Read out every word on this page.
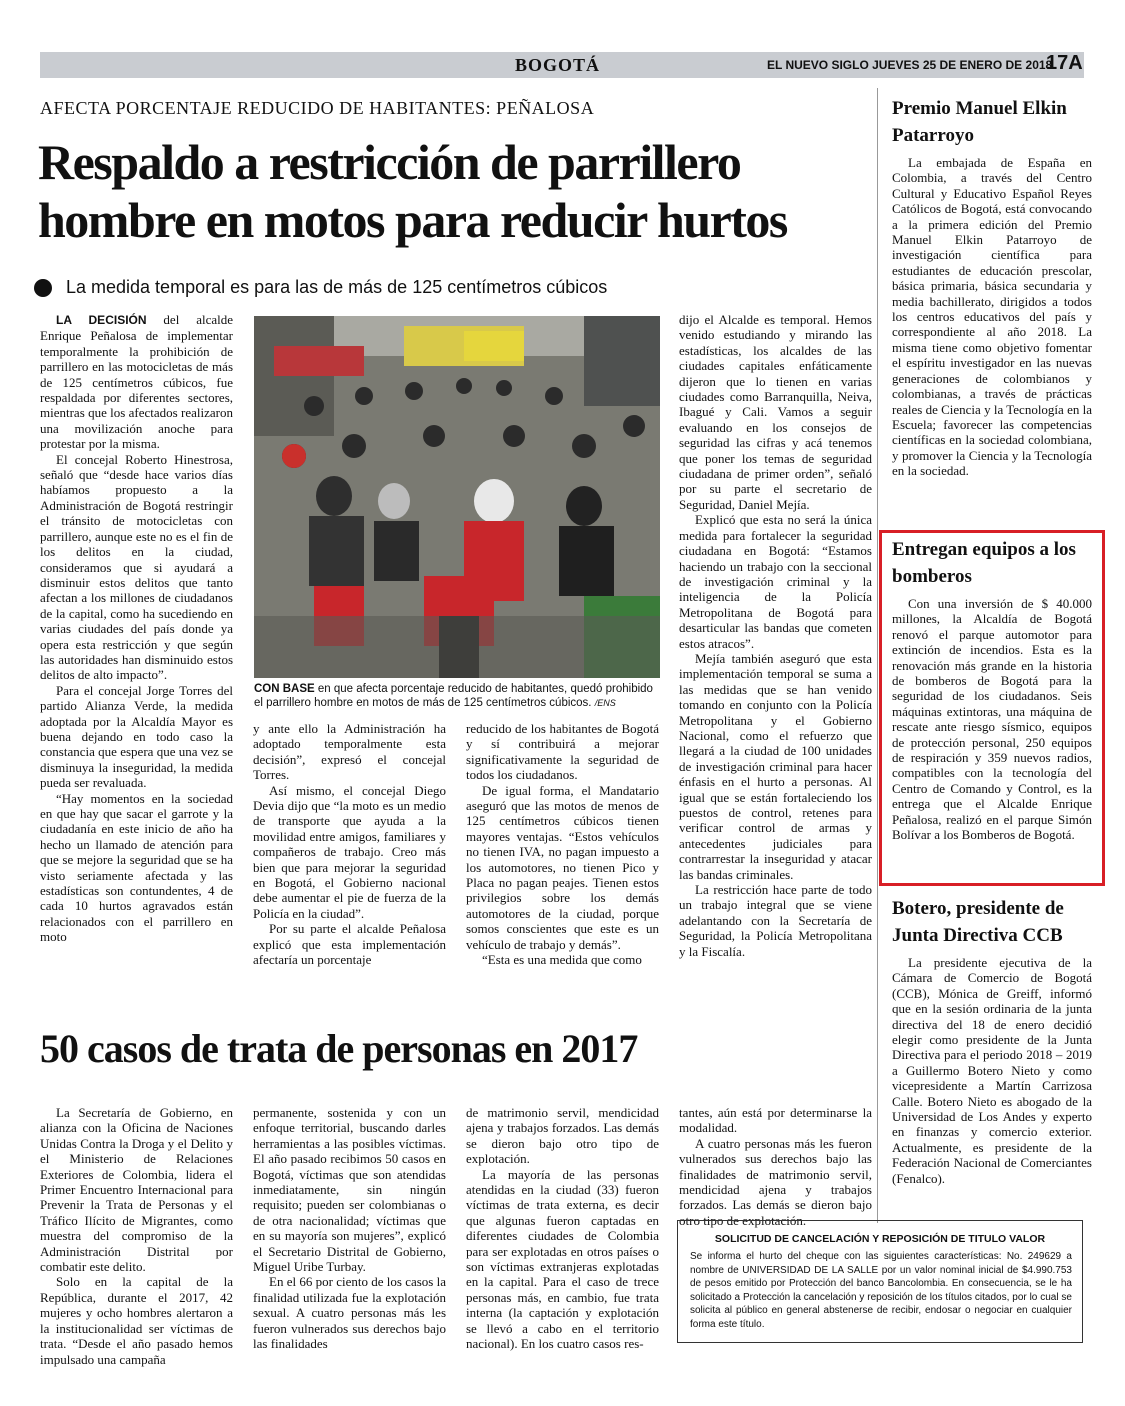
BOGOTÁ	EL NUEVO SIGLO JUEVES 25 DE ENERO DE 2018
17A
AFECTA PORCENTAJE REDUCIDO DE HABITANTES: PEÑALOSA
Respaldo a restricción de parrillero hombre en motos para reducir hurtos
La medida temporal es para las de más de 125 centímetros cúbicos

LA DECISIÓN del alcalde Enrique Peñalosa de implementar temporalmente la prohibición de parrillero en las motocicletas de más de 125 centímetros cúbicos, fue respaldada por diferentes sectores, mientras que los afectados realizaron una movilización anoche para protestar por la misma.

El concejal Roberto Hinestrosa, señaló que “desde hace varios días habíamos propuesto a la Administración de Bogotá restringir el tránsito de motocicletas con parrillero, aunque este no es el fin de los delitos en la ciudad, consideramos que si ayudará a disminuir estos delitos que tanto afectan a los millones de ciudadanos de la capital, como ha sucediendo en varias ciudades del país donde ya opera esta restricción y que según las autoridades han disminuido estos delitos de alto impacto”.

Para el concejal Jorge Torres del partido Alianza Verde, la medida adoptada por la Alcaldía Mayor es buena dejando en todo caso la constancia que espera que una vez se disminuya la inseguridad, la medida pueda ser revaluada.

“Hay momentos en la sociedad en que hay que sacar el garrote y la ciudadanía en este inicio de año ha hecho un llamado de atención para que se mejore la seguridad que se ha visto seriamente afectada y las estadísticas son contundentes, 4 de cada 10 hurtos agravados están relacionados con el parrillero en moto

CON BASE en que afecta porcentaje reducido de habitantes, quedó prohibido el parrillero hombre en motos de más de 125 centímetros cúbicos. /ENS

y ante ello la Administración ha adoptado temporalmente esta decisión”, expresó el concejal Torres.

Así mismo, el concejal Diego Devia dijo que “la moto es un medio de transporte que ayuda a la movilidad entre amigos, familiares y compañeros de trabajo. Creo más bien que para mejorar la seguridad en Bogotá, el Gobierno nacional debe aumentar el pie de fuerza de la Policía en la ciudad”.

Por su parte el alcalde Peñalosa explicó que esta implementación afectaría un porcentaje

reducido de los habitantes de Bogotá y sí contribuirá a mejorar significativamente la seguridad de todos los ciudadanos.

De igual forma, el Mandatario aseguró que las motos de menos de 125 centímetros cúbicos tienen mayores ventajas. “Estos vehículos no tienen IVA, no pagan impuesto a los automotores, no tienen Pico y Placa no pagan peajes. Tienen estos privilegios sobre los demás automotores de la ciudad, porque somos conscientes que este es un vehículo de trabajo y demás”.

“Esta es una medida que como

dijo el Alcalde es temporal. Hemos venido estudiando y mirando las estadísticas, los alcaldes de las ciudades capitales enfáticamente dijeron que lo tienen en varias ciudades como Barranquilla, Neiva, Ibagué y Cali. Vamos a seguir evaluando en los consejos de seguridad las cifras y acá tenemos que poner los temas de seguridad ciudadana de primer orden”, señaló por su parte el secretario de Seguridad, Daniel Mejía.

Explicó que esta no será la única medida para fortalecer la seguridad ciudadana en Bogotá: “Estamos haciendo un trabajo con la seccional de investigación criminal y la inteligencia de la Policía Metropolitana de Bogotá para desarticular las bandas que cometen estos atracos”.

Mejía también aseguró que esta implementación temporal se suma a las medidas que se han venido tomando en conjunto con la Policía Metropolitana y el Gobierno Nacional, como el refuerzo que llegará a la ciudad de 100 unidades de investigación criminal para hacer énfasis en el hurto a personas. Al igual que se están fortaleciendo los puestos de control, retenes para verificar control de armas y antecedentes judiciales para contrarrestar la inseguridad y atacar las bandas criminales.

La restricción hace parte de todo un trabajo integral que se viene adelantando con la Secretaría de Seguridad, la Policía Metropolitana y la Fiscalía.

50 casos de trata de personas en 2017

La Secretaría de Gobierno, en alianza con la Oficina de Naciones Unidas Contra la Droga y el Delito y el Ministerio de Relaciones Exteriores de Colombia, lidera el Primer Encuentro Internacional para Prevenir la Trata de Personas y el Tráfico Ilícito de Migrantes, como muestra del compromiso de la Administración Distrital por combatir este delito.

Solo en la capital de la República, durante el 2017, 42 mujeres y ocho hombres alertaron a la institucionalidad ser víctimas de trata. “Desde el año pasado hemos impulsado una campaña

permanente, sostenida y con un enfoque territorial, buscando darles herramientas a las posibles víctimas. El año pasado recibimos 50 casos en Bogotá, víctimas que son atendidas inmediatamente, sin ningún requisito; pueden ser colombianas o de otra nacionalidad; víctimas que en su mayoría son mujeres”, explicó el Secretario Distrital de Gobierno, Miguel Uribe Turbay.

En el 66 por ciento de los casos la finalidad utilizada fue la explotación sexual. A cuatro personas más les fueron vulnerados sus derechos bajo las finalidades

de matrimonio servil, mendicidad ajena y trabajos forzados. Las demás se dieron bajo otro tipo de explotación.

La mayoría de las personas atendidas en la ciudad (33) fueron víctimas de trata externa, es decir que algunas fueron captadas en diferentes ciudades de Colombia para ser explotadas en otros países o son víctimas extranjeras explotadas en la capital. Para el caso de trece personas más, en cambio, fue trata interna (la captación y explotación se llevó a cabo en el territorio nacional). En los cuatro casos res-

tantes, aún está por determinarse la modalidad.

A cuatro personas más les fueron vulnerados sus derechos bajo las finalidades de matrimonio servil, mendicidad ajena y trabajos forzados. Las demás se dieron bajo otro tipo de explotación.

Premio Manuel Elkin Patarroyo

La embajada de España en Colombia, a través del Centro Cultural y Educativo Español Reyes Católicos de Bogotá, está convocando a la primera edición del Premio Manuel Elkin Patarroyo de investigación científica para estudiantes de educación prescolar, básica primaria, básica secundaria y media bachillerato, dirigidos a todos los centros educativos del país y correspondiente al año 2018. La misma tiene como objetivo fomentar el espíritu investigador en las nuevas generaciones de colombianos y colombianas, a través de prácticas reales de Ciencia y la Tecnología en la Escuela; favorecer las competencias científicas en la sociedad colombiana, y promover la Ciencia y la Tecnología en la sociedad.

Entregan equipos a los bomberos

Con una inversión de $ 40.000 millones, la Alcaldía de Bogotá renovó el parque automotor para extinción de incendios. Esta es la renovación más grande en la historia de bomberos de Bogotá para la seguridad de los ciudadanos. Seis máquinas extintoras, una máquina de rescate ante riesgo sísmico, equipos de protección personal, 250 equipos de respiración y 359 nuevos radios, compatibles con la tecnología del Centro de Comando y Control, es la entrega que el Alcalde Enrique Peñalosa, realizó en el parque Simón Bolívar a los Bomberos de Bogotá.

Botero, presidente de Junta Directiva CCB

La presidente ejecutiva de la Cámara de Comercio de Bogotá (CCB), Mónica de Greiff, informó que en la sesión ordinaria de la junta directiva del 18 de enero decidió elegir como presidente de la Junta Directiva para el periodo 2018 – 2019 a Guillermo Botero Nieto y como vicepresidente a Martín Carrizosa Calle. Botero Nieto es abogado de la Universidad de Los Andes y experto en finanzas y comercio exterior. Actualmente, es presidente de la Federación Nacional de Comerciantes (Fenalco).

SOLICITUD DE CANCELACIÓN Y REPOSICIÓN DE TITULO VALOR
Se informa el hurto del cheque con las siguientes características: No. 249629 a nombre de UNIVERSIDAD DE LA SALLE por un valor nominal inicial de $4.990.753 de pesos emitido por Protección del banco Bancolombia. En consecuencia, se le ha solicitado a Protección la cancelación y reposición de los títulos citados, por lo cual se solicita al público en general abstenerse de recibir, endosar o negociar en cualquier forma este título.
